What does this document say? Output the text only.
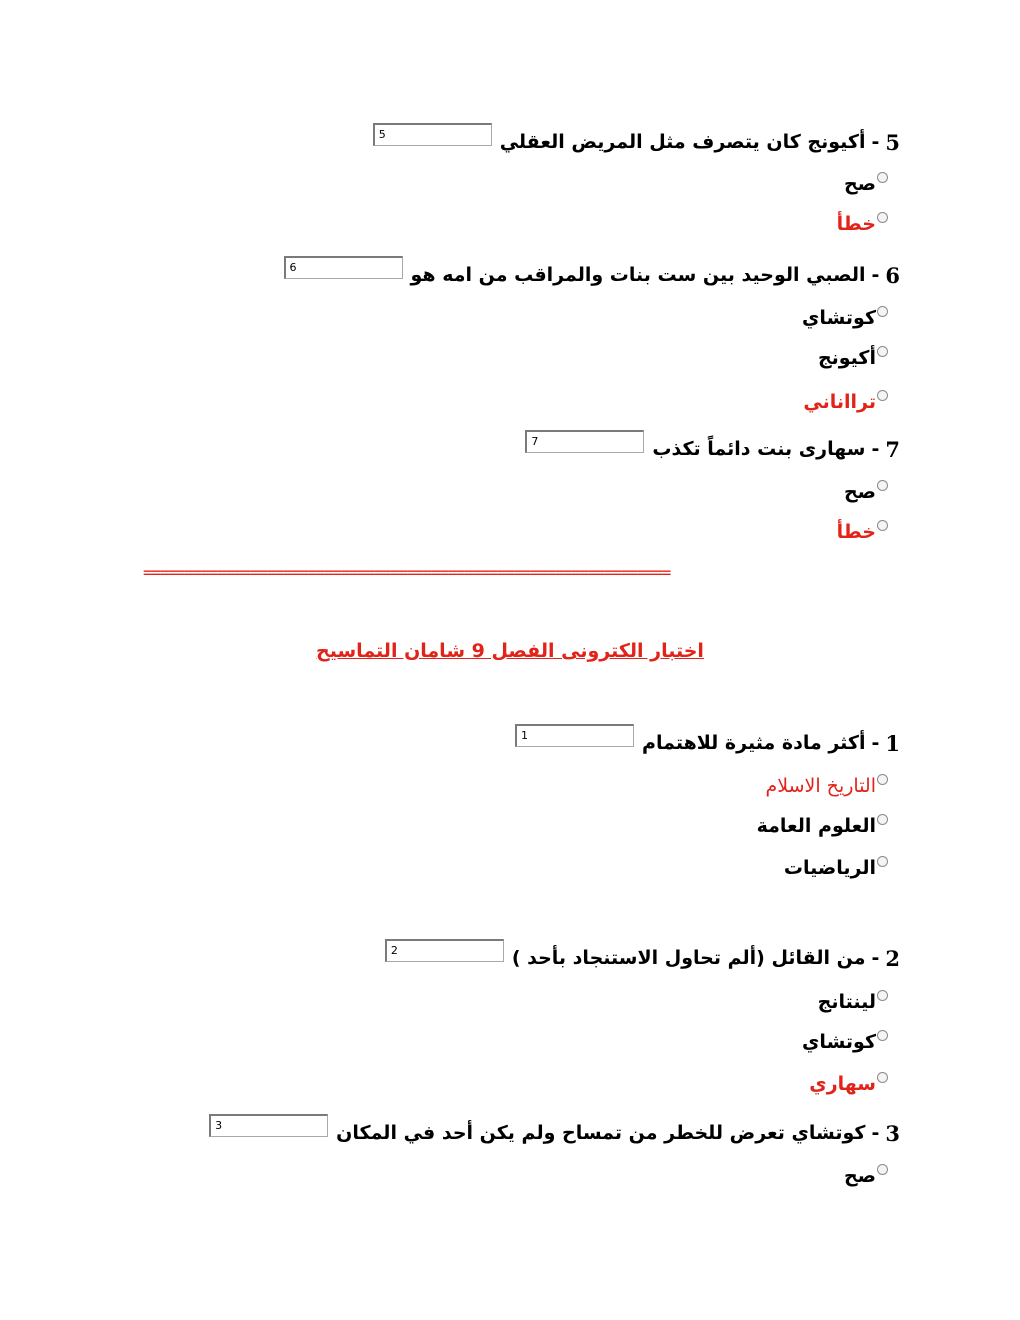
5
-
أكيونج كان يتصرف مثل المريض العقلي
5
صح
خطأ
6
-
الصبي الوحيد بين ست بنات والمراقب من امه هو
6
كوتشاي
أكيونج
ترااناني
7
-
سهارى بنت دائماً تكذب
7
صح
خطأ
================================================================
اختبار الكترونى الفصل 9 شامان التماسيح
1
-
أكثر مادة مثيرة للاهتمام
1
التاريخ الاسلام
العلوم العامة
الرياضيات
2
-
من القائل (ألم تحاول الاستنجاد بأحد )
2
لينتانج
كوتشاي
سهاري
3
-
كوتشاي تعرض للخطر من تمساح ولم يكن أحد في المكان
3
صح
